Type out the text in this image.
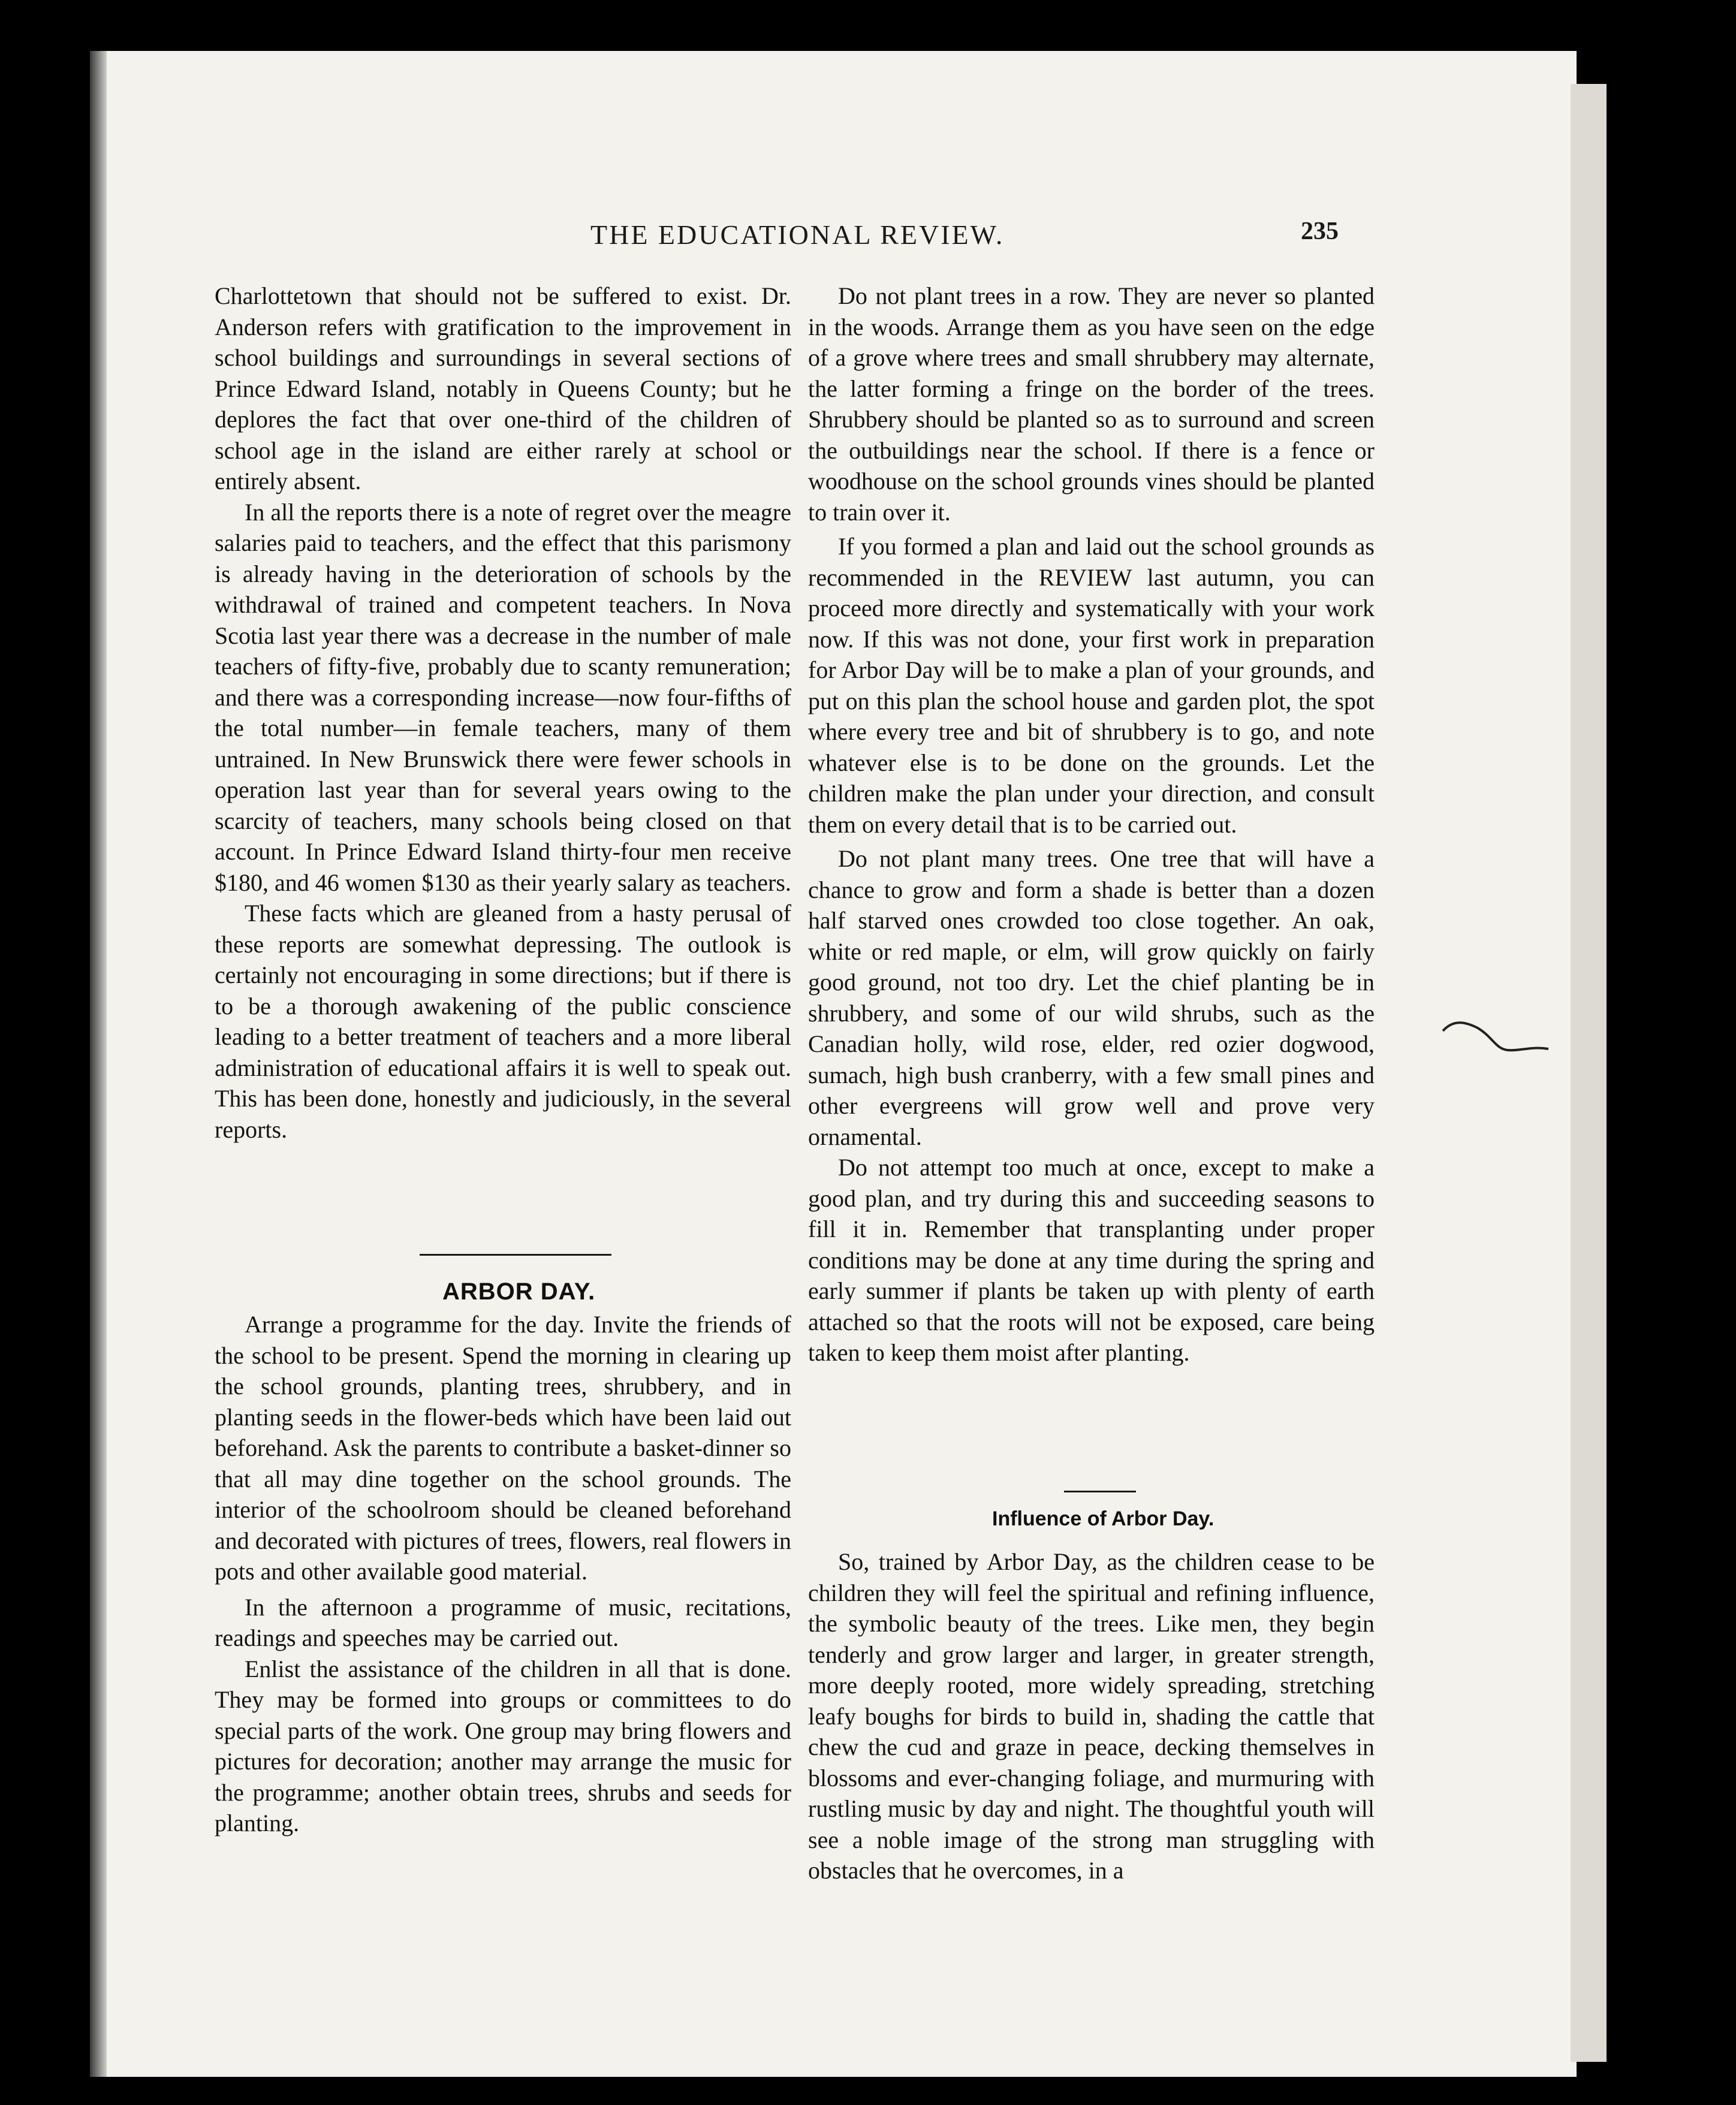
THE EDUCATIONAL REVIEW.	235

Charlottetown that should not be suffered to exist. Dr. Anderson refers with gratification to the improvement in school buildings and surroundings in several sections of Prince Edward Island, notably in Queens County; but he deplores the fact that over one-third of the children of school age in the island are either rarely at school or entirely absent.

In all the reports there is a note of regret over the meagre salaries paid to teachers, and the effect that this parismony is already having in the deterioration of schools by the withdrawal of trained and competent teachers. In Nova Scotia last year there was a decrease in the number of male teachers of fifty-five, probably due to scanty remuneration; and there was a corresponding increase—now four-fifths of the total number—in female teachers, many of them untrained. In New Brunswick there were fewer schools in operation last year than for several years owing to the scarcity of teachers, many schools being closed on that account. In Prince Edward Island thirty-four men receive $180, and 46 women $130 as their yearly salary as teachers.

These facts which are gleaned from a hasty perusal of these reports are somewhat depressing. The outlook is certainly not encouraging in some directions; but if there is to be a thorough awakening of the public conscience leading to a better treatment of teachers and a more liberal administration of educational affairs it is well to speak out. This has been done, honestly and judiciously, in the several reports.

ARBOR DAY.

Arrange a programme for the day. Invite the friends of the school to be present. Spend the morning in clearing up the school grounds, planting trees, shrubbery, and in planting seeds in the flower-beds which have been laid out beforehand. Ask the parents to contribute a basket-dinner so that all may dine together on the school grounds. The interior of the schoolroom should be cleaned beforehand and decorated with pictures of trees, flowers, real flowers in pots and other available good material.

In the afternoon a programme of music, recitations, readings and speeches may be carried out.

Enlist the assistance of the children in all that is done. They may be formed into groups or committees to do special parts of the work. One group may bring flowers and pictures for decoration; another may arrange the music for the programme; another obtain trees, shrubs and seeds for planting.

Do not plant trees in a row. They are never so planted in the woods. Arrange them as you have seen on the edge of a grove where trees and small shrubbery may alternate, the latter forming a fringe on the border of the trees. Shrubbery should be planted so as to surround and screen the outbuildings near the school. If there is a fence or woodhouse on the school grounds vines should be planted to train over it.

If you formed a plan and laid out the school grounds as recommended in the REVIEW last autumn, you can proceed more directly and systematically with your work now. If this was not done, your first work in preparation for Arbor Day will be to make a plan of your grounds, and put on this plan the school house and garden plot, the spot where every tree and bit of shrubbery is to go, and note whatever else is to be done on the grounds. Let the children make the plan under your direction, and consult them on every detail that is to be carried out.

Do not plant many trees. One tree that will have a chance to grow and form a shade is better than a dozen half starved ones crowded too close together. An oak, white or red maple, or elm, will grow quickly on fairly good ground, not too dry. Let the chief planting be in shrubbery, and some of our wild shrubs, such as the Canadian holly, wild rose, elder, red ozier dogwood, sumach, high bush cranberry, with a few small pines and other evergreens will grow well and prove very ornamental.

Do not attempt too much at once, except to make a good plan, and try during this and succeeding seasons to fill it in. Remember that transplanting under proper conditions may be done at any time during the spring and early summer if plants be taken up with plenty of earth attached so that the roots will not be exposed, care being taken to keep them moist after planting.

Influence of Arbor Day.

So, trained by Arbor Day, as the children cease to be children they will feel the spiritual and refining influence, the symbolic beauty of the trees. Like men, they begin tenderly and grow larger and larger, in greater strength, more deeply rooted, more widely spreading, stretching leafy boughs for birds to build in, shading the cattle that chew the cud and graze in peace, decking themselves in blossoms and ever-changing foliage, and murmuring with rustling music by day and night. The thoughtful youth will see a noble image of the strong man struggling with obstacles that he overcomes, in a
